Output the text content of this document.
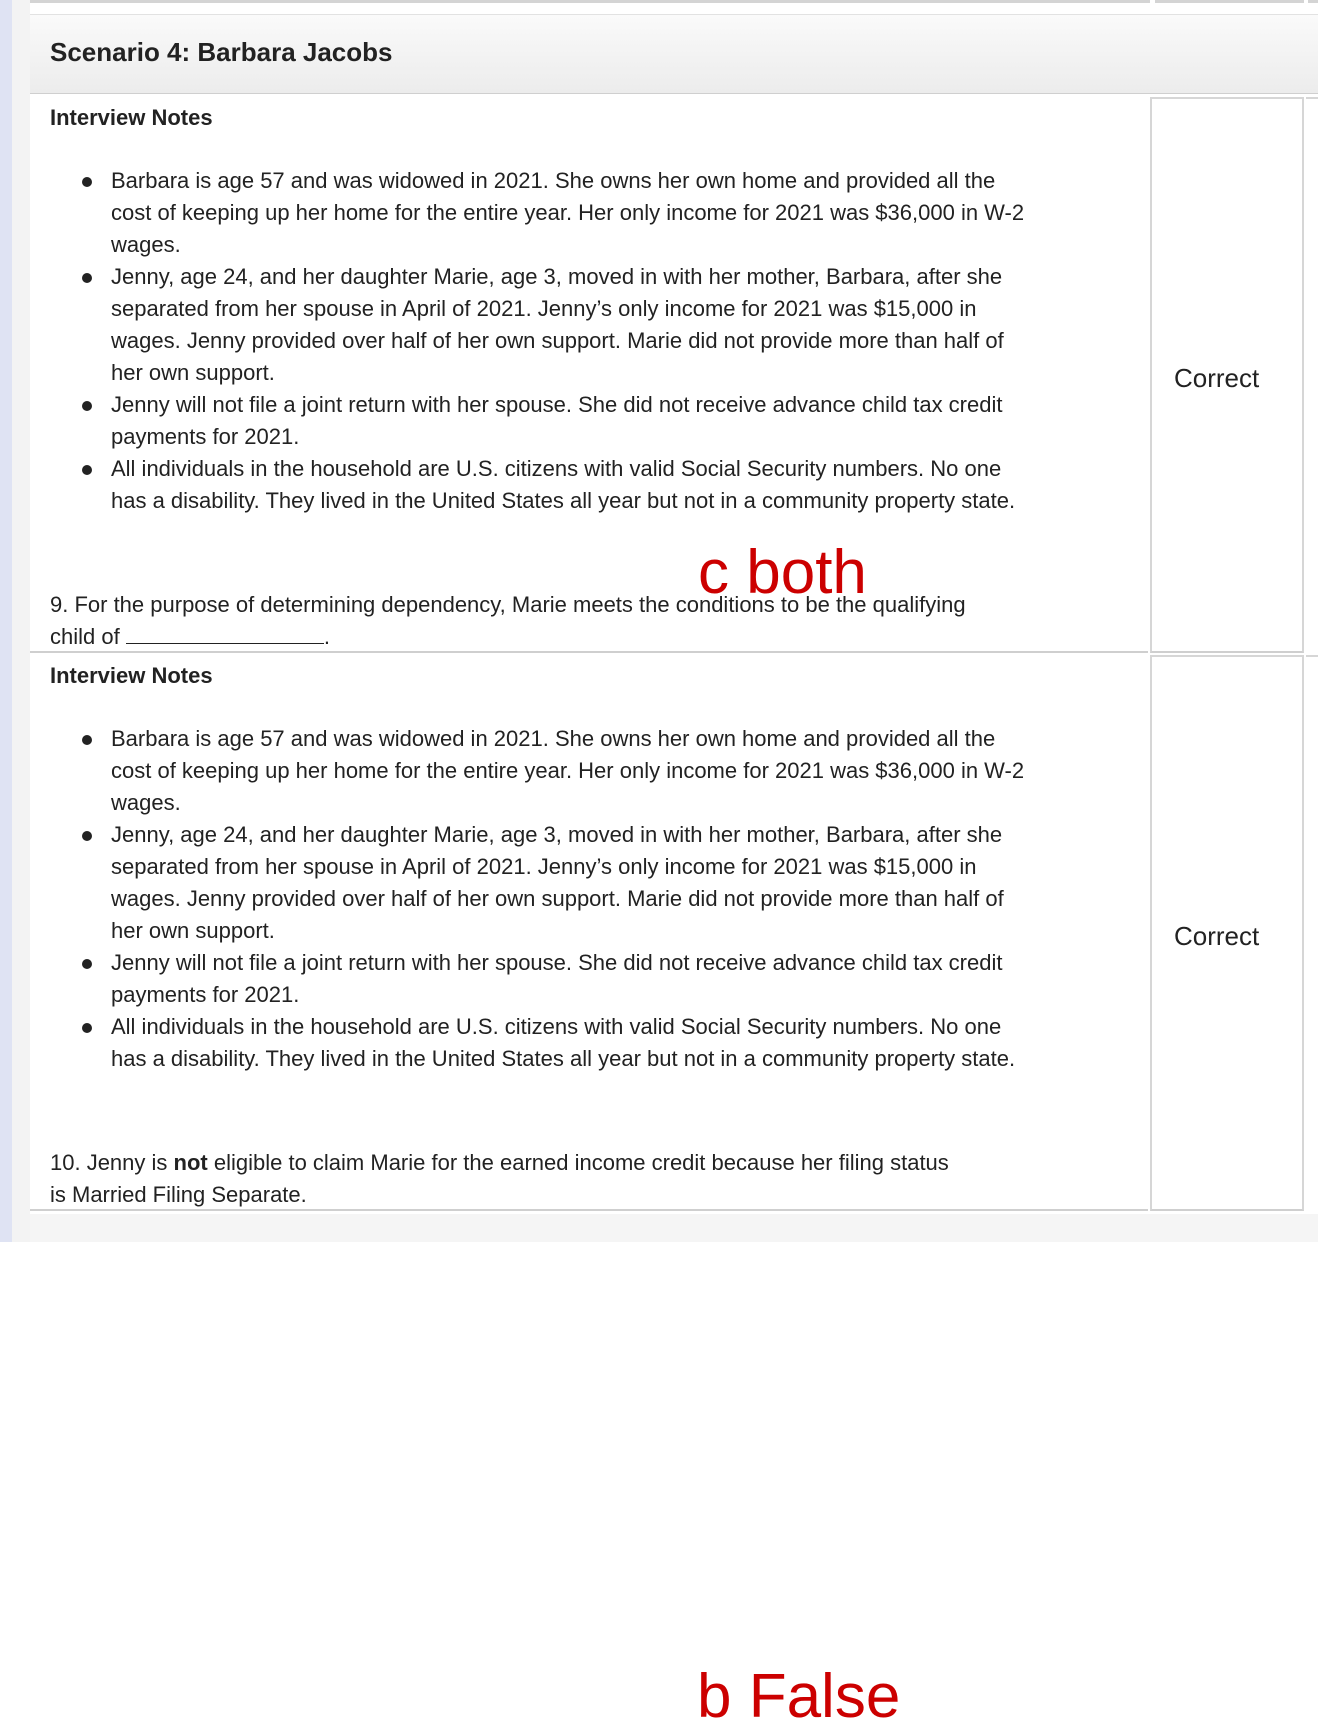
Scenario 4: Barbara Jacobs
Interview Notes
Barbara is age 57 and was widowed in 2021. She owns her own home and provided all the cost of keeping up her home for the entire year. Her only income for 2021 was $36,000 in W-2 wages.
Jenny, age 24, and her daughter Marie, age 3, moved in with her mother, Barbara, after she separated from her spouse in April of 2021. Jenny’s only income for 2021 was $15,000 in wages. Jenny provided over half of her own support. Marie did not provide more than half of her own support.
Jenny will not file a joint return with her spouse. She did not receive advance child tax credit payments for 2021.
All individuals in the household are U.S. citizens with valid Social Security numbers. No one has a disability. They lived in the United States all year but not in a community property state.

9. For the purpose of determining dependency, Marie meets the conditions to be the qualifying child of	.

c both
Correct
Interview Notes
Barbara is age 57 and was widowed in 2021. She owns her own home and provided all the cost of keeping up her home for the entire year. Her only income for 2021 was $36,000 in W-2 wages.
Jenny, age 24, and her daughter Marie, age 3, moved in with her mother, Barbara, after she separated from her spouse in April of 2021. Jenny’s only income for 2021 was $15,000 in wages. Jenny provided over half of her own support. Marie did not provide more than half of her own support.
Jenny will not file a joint return with her spouse. She did not receive advance child tax credit payments for 2021.
All individuals in the household are U.S. citizens with valid Social Security numbers. No one has a disability. They lived in the United States all year but not in a community property state.

10. Jenny is not eligible to claim Marie for the earned income credit because her filing status is Married Filing Separate.

b False
Correct
